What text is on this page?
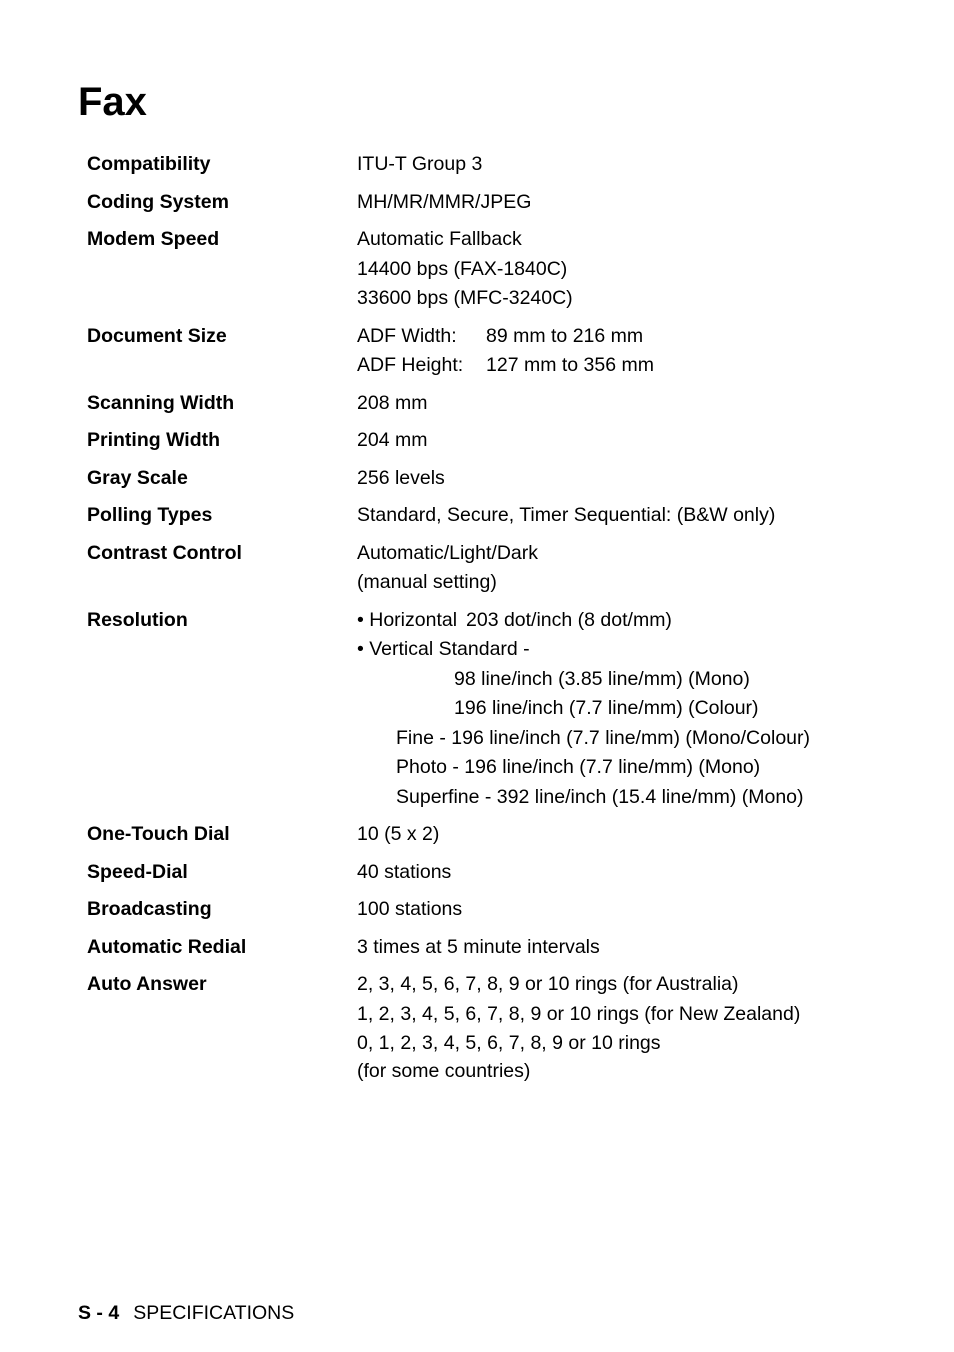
Fax
Compatibility	ITU-T Group 3
Coding System	MH/MR/MMR/JPEG
Modem Speed	Automatic Fallback
14400 bps (FAX-1840C)
33600 bps (MFC-3240C)
Document Size	ADF Width: 89 mm to 216 mm
ADF Height: 127 mm to 356 mm
Scanning Width	208 mm
Printing Width	204 mm
Gray Scale	256 levels
Polling Types	Standard, Secure, Timer Sequential: (B&W only)
Contrast Control	Automatic/Light/Dark
(manual setting)
Resolution	• Horizontal 203 dot/inch (8 dot/mm)
• Vertical Standard -
98 line/inch (3.85 line/mm) (Mono)
196 line/inch (7.7 line/mm) (Colour)
Fine - 196 line/inch (7.7 line/mm) (Mono/Colour)
Photo - 196 line/inch (7.7 line/mm) (Mono)
Superfine - 392 line/inch (15.4 line/mm) (Mono)
One-Touch Dial	10 (5 x 2)
Speed-Dial	40 stations
Broadcasting	100 stations
Automatic Redial	3 times at 5 minute intervals
Auto Answer	2, 3, 4, 5, 6, 7, 8, 9 or 10 rings (for Australia)
1, 2, 3, 4, 5, 6, 7, 8, 9 or 10 rings (for New Zealand)
0, 1, 2, 3, 4, 5, 6, 7, 8, 9 or 10 rings
(for some countries)
S - 4 SPECIFICATIONS
